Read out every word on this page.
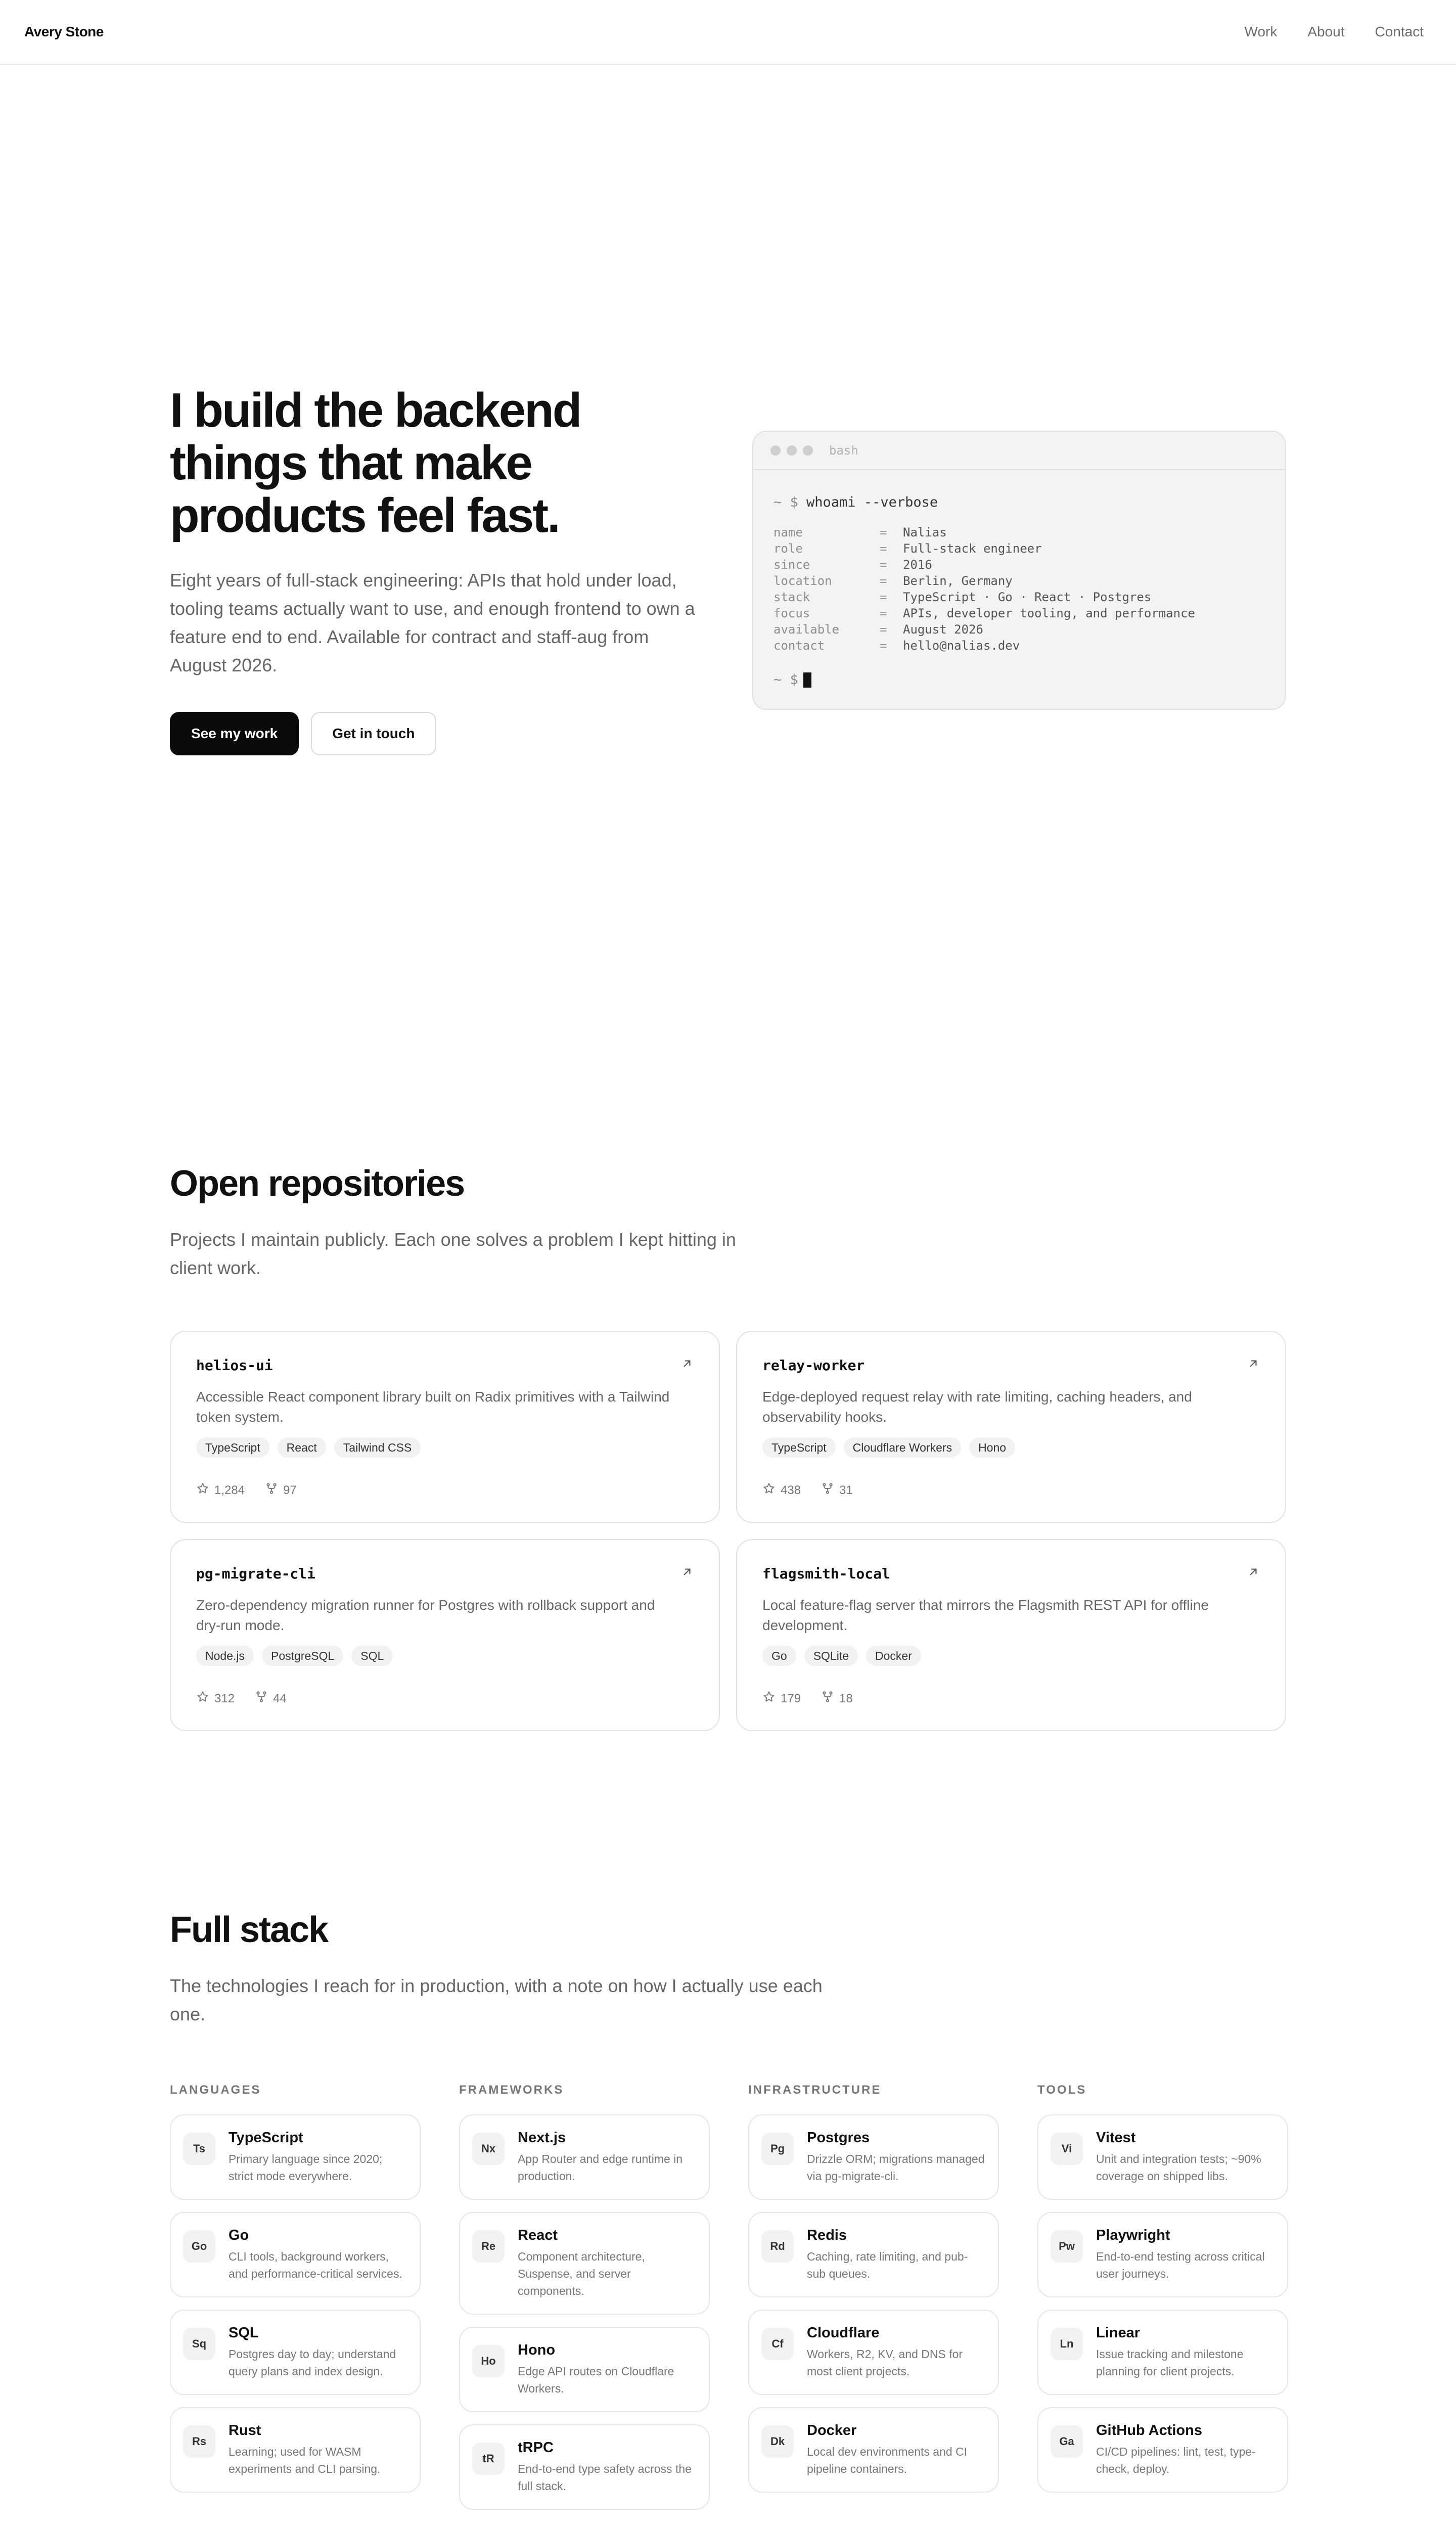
Avery Stone	Work About Contact
I build the backend
things that make
products feel fast.

Eight years of full-stack engineering: APIs that hold under load, tooling teams actually want to use, and enough frontend to own a feature end to end. Available for contract and staff-aug from August 2026.

See my work	Get in touch
bash
~ $ whoami --verbose
name	=	Nalias
role	=	Full-stack engineer
since	=	2016
location	=	Berlin, Germany
stack	=	TypeScript · Go · React · Postgres
focus	=	APIs, developer tooling, and performance
available	=	August 2026
contact	=	hello@nalias.dev
~ $
Open repositories

Projects I maintain publicly. Each one solves a problem I kept hitting in client work.

helios-ui
Accessible React component library built on Radix primitives with a Tailwind token system.
TypeScript	React	Tailwind CSS
1,284	97
relay-worker
Edge-deployed request relay with rate limiting, caching headers, and observability hooks.
TypeScript	Cloudflare Workers	Hono
438	31
pg-migrate-cli
Zero-dependency migration runner for Postgres with rollback support and dry-run mode.
Node.js	PostgreSQL	SQL
312	44
flagsmith-local
Local feature-flag server that mirrors the Flagsmith REST API for offline development.
Go	SQLite	Docker
179	18
Full stack

The technologies I reach for in production, with a note on how I actually use each one.

LANGUAGES
Ts
TypeScript
Primary language since 2020; strict mode everywhere.
Go
Go
CLI tools, background workers, and performance-critical services.
Sq
SQL
Postgres day to day; understand query plans and index design.
Rs
Rust
Learning; used for WASM experiments and CLI parsing.
FRAMEWORKS
Nx
Next.js
App Router and edge runtime in production.
Re
React
Component architecture, Suspense, and server components.
Ho
Hono
Edge API routes on Cloudflare Workers.
tR
tRPC
End-to-end type safety across the full stack.
INFRASTRUCTURE
Pg
Postgres
Drizzle ORM; migrations managed via pg-migrate-cli.
Rd
Redis
Caching, rate limiting, and pub-sub queues.
Cf
Cloudflare
Workers, R2, KV, and DNS for most client projects.
Dk
Docker
Local dev environments and CI pipeline containers.
TOOLS
Vi
Vitest
Unit and integration tests; ~90% coverage on shipped libs.
Pw
Playwright
End-to-end testing across critical user journeys.
Ln
Linear
Issue tracking and milestone planning for client projects.
Ga
GitHub Actions
CI/CD pipelines: lint, test, type-check, deploy.
